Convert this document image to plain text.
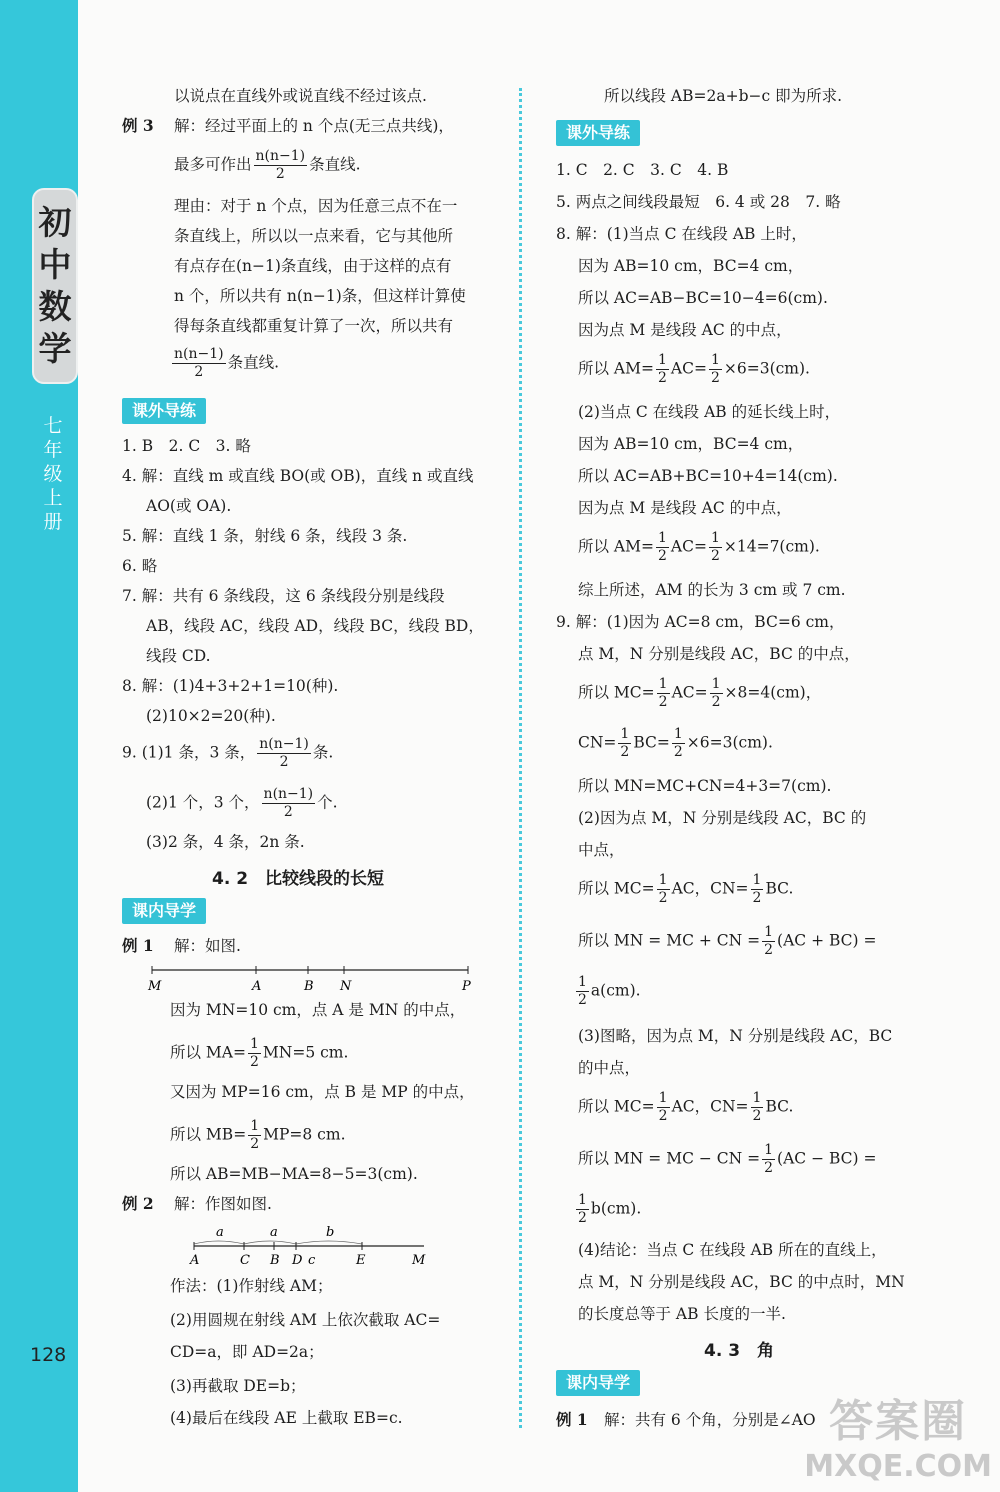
初
中
数
学
七
年
级
上
册
128
以说点在直线外或说直线不经过该点.
例 3 解：经过平面上的 n 个点(无三点共线)，
最多可作出 $\frac{n(n-1)}{2}$ 条直线.
理由：对于 n 个点，因为任意三点不在一
条直线上，所以以一点来看，它与其他所
有点存在(n−1)条直线，由于这样的点有
n 个，所以共有 n(n−1)条，但这样计算使
得每条直线都重复计算了一次，所以共有
$\frac{n(n-1)}{2}$ 条直线.
课外导练
1. B　2. C　3. 略
4. 解：直线 m 或直线 BO(或 OB)，直线 n 或直线
AO(或 OA).
5. 解：直线 1 条，射线 6 条，线段 3 条.
6. 略
7. 解：共有 6 条线段，这 6 条线段分别是线段
AB，线段 AC，线段 AD，线段 BC，线段 BD，
线段 CD.
8. 解：(1)4+3+2+1=10(种).
(2)10×2=20(种).
9. (1)1 条，3 条， $\frac{n(n-1)}{2}$ 条.
(2)1 个，3 个， $\frac{n(n-1)}{2}$ 个.
(3)2 条，4 条，2n 条.
4. 2　比较线段的长短
课内导学
例 1 解：如图.
M	A	B N	P
因为 MN=10 cm，点 A 是 MN 的中点，
所以 $MA= \frac{1}{2} MN=5$ cm.
又因为 MP=16 cm，点 B 是 MP 的中点，
所以 $MB= \frac{1}{2} MP=8$ cm.
所以 AB=MB−MA=8−5=3(cm).
例 2 解：作图如图.
a	a	b
A	C B D c	E	M
作法：(1)作射线 AM；
(2)用圆规在射线 AM 上依次截取 AC=
CD=a，即 AD=2a；
(3)再截取 DE=b；
(4)最后在线段 AE 上截取 EB=c.
所以线段 AB=2a+b−c 即为所求.
课外导练
1. C　2. C　3. C　4. B
5. 两点之间线段最短　6. 4 或 28　7. 略
8. 解：(1)当点 C 在线段 AB 上时，
因为 AB=10 cm，BC=4 cm，
所以 AC=AB−BC=10−4=6(cm).
因为点 M 是线段 AC 的中点，
所以 $AM= \frac{1}{2} AC= \frac{1}{2} \times 6=3(cm)$.
(2)当点 C 在线段 AB 的延长线上时，
因为 AB=10 cm，BC=4 cm，
所以 AC=AB+BC=10+4=14(cm).
因为点 M 是线段 AC 的中点，
所以 $AM= \frac{1}{2} AC= \frac{1}{2} \times 14=7(cm)$.
综上所述，AM 的长为 3 cm 或 7 cm.
9. 解：(1)因为 AC=8 cm，BC=6 cm，
点 M，N 分别是线段 AC，BC 的中点，
所以 $MC= \frac{1}{2} AC= \frac{1}{2} \times 8=4(cm)$，
$CN= \frac{1}{2} BC= \frac{1}{2} \times 6=3(cm)$.
所以 MN=MC+CN=4+3=7(cm).
(2)因为点 M，N 分别是线段 AC，BC 的
中点，
所以 $MC= \frac{1}{2}$ AC，$CN= \frac{1}{2}$ BC.
所以 MN = MC + CN = $\frac{1}{2} (AC + BC)$ =
$\frac{1}{2} a(cm)$.
(3)图略，因为点 M，N 分别是线段 AC，BC
的中点，
所以 $MC= \frac{1}{2}$ AC，$CN= \frac{1}{2}$ BC.
所以 MN = MC − CN = $\frac{1}{2} (AC - BC)$ =
$\frac{1}{2} b(cm)$.
(4)结论：当点 C 在线段 AB 所在的直线上，
点 M，N 分别是线段 AC，BC 的中点时，MN
的长度总等于 AB 长度的一半.
4. 3　角
课内导学
例 1 解：共有 6 个角，分别是∠AO 答案圈
MXQE.COM
